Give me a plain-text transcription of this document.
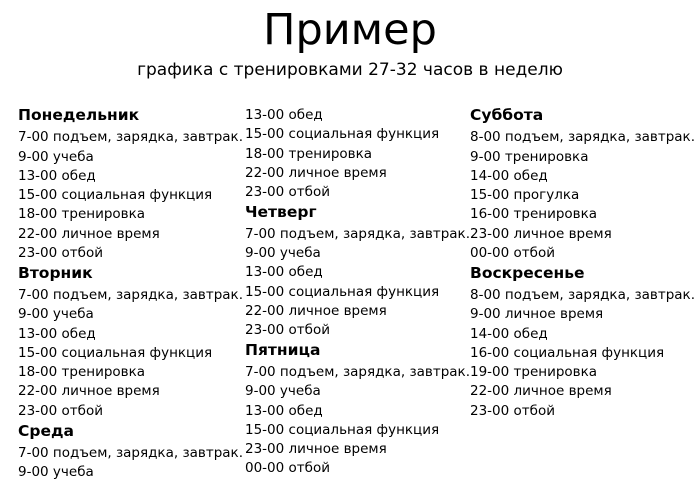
Пример
графика с тренировками 27-32 часов в неделю
Понедельник
7-00 подъем, зарядка, завтрак.
9-00 учеба
13-00 обед
15-00 социальная функция
18-00 тренировка
22-00 личное время
23-00 отбой
Вторник
7-00 подъем, зарядка, завтрак.
9-00 учеба
13-00 обед
15-00 социальная функция
18-00 тренировка
22-00 личное время
23-00 отбой
Среда
7-00 подъем, зарядка, завтрак.
9-00 учеба
13-00 обед
15-00 социальная функция
18-00 тренировка
22-00 личное время
23-00 отбой
Четверг
7-00 подъем, зарядка, завтрак.
9-00 учеба
13-00 обед
15-00 социальная функция
22-00 личное время
23-00 отбой
Пятница
7-00 подъем, зарядка, завтрак.
9-00 учеба
13-00 обед
15-00 социальная функция
23-00 личное время
00-00 отбой
Суббота
8-00 подъем, зарядка, завтрак.
9-00 тренировка
14-00 обед
15-00 прогулка
16-00 тренировка
23-00 личное время
00-00 отбой
Воскресенье
8-00 подъем, зарядка, завтрак.
9-00 личное время
14-00 обед
16-00 социальная функция
19-00 тренировка
22-00 личное время
23-00 отбой
